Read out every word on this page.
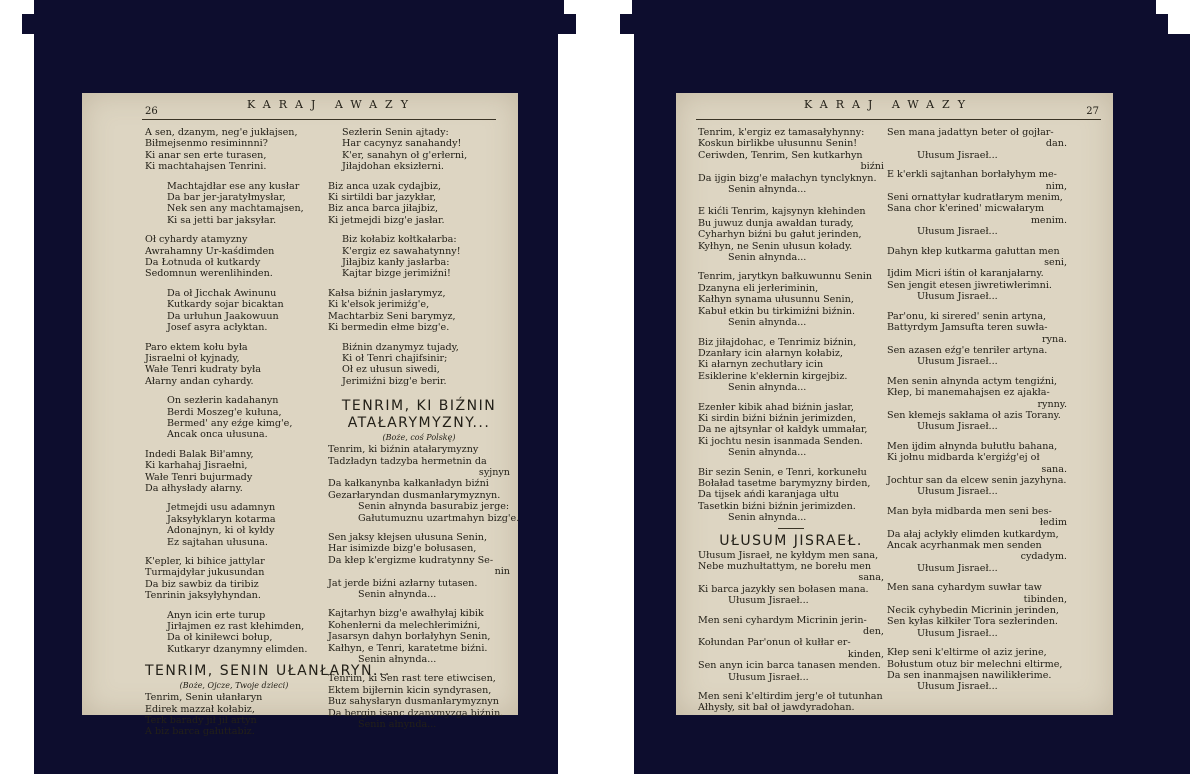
26
KARAJ AWAZY
A sen, dzanym, neg'e jukłajsen,
Biłmejsenmo resiminnni?
Ki anar sen erte turasen,
Ki machtahajsen Tenrini.
Machtajdłar ese any kusłar
Da bar jer-jaratyłmysłar,
Nek sen any machtamajsen,
Ki sa jetti bar jaksyłar.
Oł cyhardy atamyzny
Awrahamny Ur-kaśdimden
Da Łotnuda oł kutkardy
Sedomnun werenlihinden.
Da oł Jicchak Awinunu
Kutkardy sojar bicaktan
Da urłuhun Jaakowuun
Josef asyra acłyktan.
Paro ektem kołu była
Jisraelni oł kyjnady,
Wałe Tenri kudraty była
Ałarny andan cyhardy.
On sezłerin kadahanyn
Berdi Moszeg'e kułuna,
Bermed' any eźge kimg'e,
Ancak onca ułusuna.
Indedi Balak Bił'amny,
Ki karhahaj Jisraełni,
Wałe Tenri bujurmady
Da ałhysłady ałarny.
Jetmejdi usu adamnyn
Jaksyłyklaryn kotarma
Adonajnyn, ki oł kyłdy
Ez sajtahan ułusuna.
K'epler, ki bihice jattylar
Turmajdyłar jukusundan
Da biz sawbiz da tiribiz
Tenrinin jaksyłyhyndan.
Anyn icin erte turup
Jirłajmen ez rast kłehimden,
Da oł kiniłewci bołup,
Kutkaryr dzanymny elimden.
TENRIM, SENIN UŁANŁARYN...
(Boże, Ojcze, Twoje dzieci)
Tenrim, Senin ułanłaryn
Edirek mazzał kołabiz,
Terk barady jił jił artyn
A biz barca gałuttabiz.
Sezłerin Senin ajtady:
Har cacynyz sanahandy!
K'er, sanahyn oł g'erłerni,
Jiłajdohan eksizłerni.
Biz anca uzak cydajbiz,
Ki sirtildi bar jazykłar,
Biz anca barca jiłajbiz,
Ki jetmejdi bizg'e jasłar.
Biz kołabiz kołtkałarba:
K'ergiz ez sawahatynny!
Jiłajbiz kanły jasłarba:
Kajtar bizge jerimiźni!
Kałsa biźnin jasłarymyz,
Ki k'ełsok jerimiźg'e,
Machtarbiz Seni barymyz,
Ki bermedin ełme bizg'e.
Biźnin dzanymyz tujady,
Ki oł Tenri chajifsinir;
Oł ez ułusun siwedi,
Jerimiźni bizg'e berir.
TENRIM, KI BIŹNIN
ATAŁARYMYZNY...
(Boże, coś Polskę)
Tenrim, ki biźnin atałarymyzny
Tadzładyn tadzyba hermetnin da
syjnyn
Da kałkanynba kałkanładyn biźni
Gezarłaryndan dusmanłarymyznyn.
Senin ałnynda basurabiz jerge:
Gałutumuznu uzartmahyn bizg'e.
Sen jaksy kłejsen ułusuna Senin,
Har isimizde bizg'e bołusasen,
Da kłep k'ergizme kudratynny Se-
nin
Jat jerde biźni azłarny tutasen.
Senin ałnynda...
Kajtarhyn bizg'e awałhyłaj kibik
Kohenłerni da melechłerimiźni,
Jasarsyn dahyn borłałyhyn Senin,
Kałhyn, e Tenri, karatetme biźni.
Senin ałnynda...
Tenrim, ki Sen rast tere etiwcisen,
Ektem bijłernin kicin syndyrasen,
Buz sahysłaryn dusmanłarymyznyn
Da bergin isanc dzanymyzga biźnin.
Senin ałnynda...
KARAJ AWAZY
27
Tenrim, k'ergiz ez tamasałyhynny:
Koskun birlikbe ułusunnu Senin!
Ceriwden, Tenrim, Sen kutkarhyn
biźni
Da ijgin bizg'e małachyn tynclyknyn.
Senin ałnynda...
E kićli Tenrim, kajsynyn kłehinden
Bu juwuz dunja awałdan turady,
Cyharhyn biźni bu gałut jerinden,
Kyłhyn, ne Senin ułusun kołady.
Senin ałnynda...
Tenrim, jarytkyn bałkuwunnu Senin
Dzanyna eli jerłeriminin,
Kałhyn synama ułusunnu Senin,
Kabuł etkin bu tirkimiźni biźnin.
Senin ałnynda...
Biz jiłajdohac, e Tenrimiz biźnin,
Dzanłary icin ałarnyn kołabiz,
Ki ałarnyn zechutłary icin
Esiklerine k'ekłernin kirgejbiz.
Senin ałnynda...
Ezenłer kibik ahad biźnin jasłar,
Ki sirdin biźni biźnin jerimizden,
Da ne ajtsynłar oł kałdyk ummałar,
Ki jochtu nesin isanmada Senden.
Senin ałnynda...
Bir sezin Senin, e Tenri, korkunełu
Bołaład tasetme barymyzny birden,
Da tijsek ańdi karanjaga ułtu
Tasetkin biźni biźnin jerimizden.
Senin ałnynda...
UŁUSUM JISRAEŁ.
Ułusum Jisraeł, ne kyłdym men sana,
Nebe muzhułtattym, ne borełu men
sana,
Ki barca jazykły sen bołasen mana.
Ułusum Jisraeł...
Men seni cyhardym Micrinin jerin-
den,
Kołundan Par'onun oł kułłar er-
kinden,
Sen anyn icin barca tanasen menden.
Ułusum Jisraeł...
Men seni k'eltirdim jerg'e oł tutunhan
Ałhysły, sit bał oł jawdyradohan.
Sen mana jadattyn beter oł gojłar-
dan.
Ułusum Jisraeł...
E k'erkli sajtanhan borłałyhym me-
nim,
Seni ornattyłar kudratłarym menim,
Sana chor k'erined' micwałarym
menim.
Ułusum Jisraeł...
Dahyn kłep kutkarma gałuttan men
seni,
Ijdim Micri iśtin oł karanjałarny.
Sen jengit etesen jiwretiwłerimni.
Ułusum Jisraeł...
Par'onu, ki sirered' senin artyna,
Battyrdym Jamsufta teren suwła-
ryna.
Sen azasen eźg'e tenriłer artyna.
Ułusum Jisraeł...
Men senin ałnynda actym tengiźni,
Kłep, bi manemahajsen ez ajakła-
rynny.
Sen kłemejs sakłama oł azis Torany.
Ułusum Jisraeł...
Men ijdim ałnynda bułutłu bahana,
Ki jołnu midbarda k'ergiźg'ej oł
sana.
Jochtur san da elcew senin jazyhyna.
Ułusum Jisraeł...
Man była midbarda men seni bes-
łedim
Da ałaj acłykły elimden kutkardym,
Ancak acyrhanmak men senden
cydadym.
Ułusum Jisraeł...
Men sana cyhardym suwłar taw
tibinden,
Necik cyhybedin Micrinin jerinden,
Sen kyłas kiłkiłer Tora sezłerinden.
Ułusum Jisraeł...
Kłep seni k'eltirme oł aziz jerine,
Bołustum otuz bir melechni eltirme,
Da sen inanmajsen nawilikłerime.
Ułusum Jisraeł...
